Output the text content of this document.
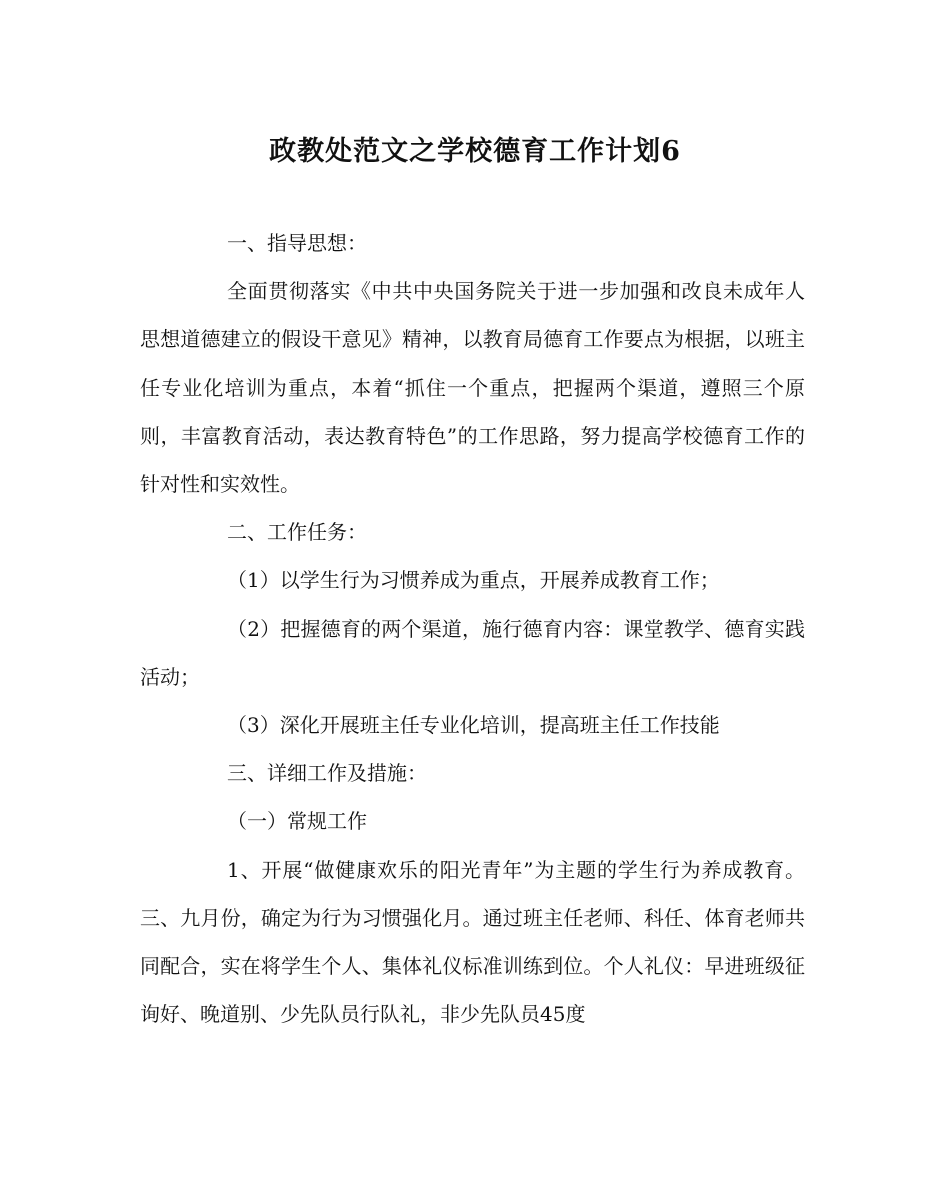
政教处范文之学校德育工作计划6

一、指导思想：

全面贯彻落实《中共中央国务院关于进一步加强和改良未成年人思想道德建立的假设干意见》精神，以教育局德育工作要点为根据，以班主任专业化培训为重点，本着“抓住一个重点，把握两个渠道，遵照三个原则，丰富教育活动，表达教育特色”的工作思路，努力提高学校德育工作的针对性和实效性。

二、工作任务：

（1）以学生行为习惯养成为重点，开展养成教育工作；

（2）把握德育的两个渠道，施行德育内容：课堂教学、德育实践活动；

（3）深化开展班主任专业化培训，提高班主任工作技能

三、详细工作及措施：

（一）常规工作

1、开展“做健康欢乐的阳光青年”为主题的学生行为养成教育。三、九月份，确定为行为习惯强化月。通过班主任老师、科任、体育老师共同配合，实在将学生个人、集体礼仪标准训练到位。个人礼仪：早进班级征询好、晚道别、少先队员行队礼，非少先队员45度
